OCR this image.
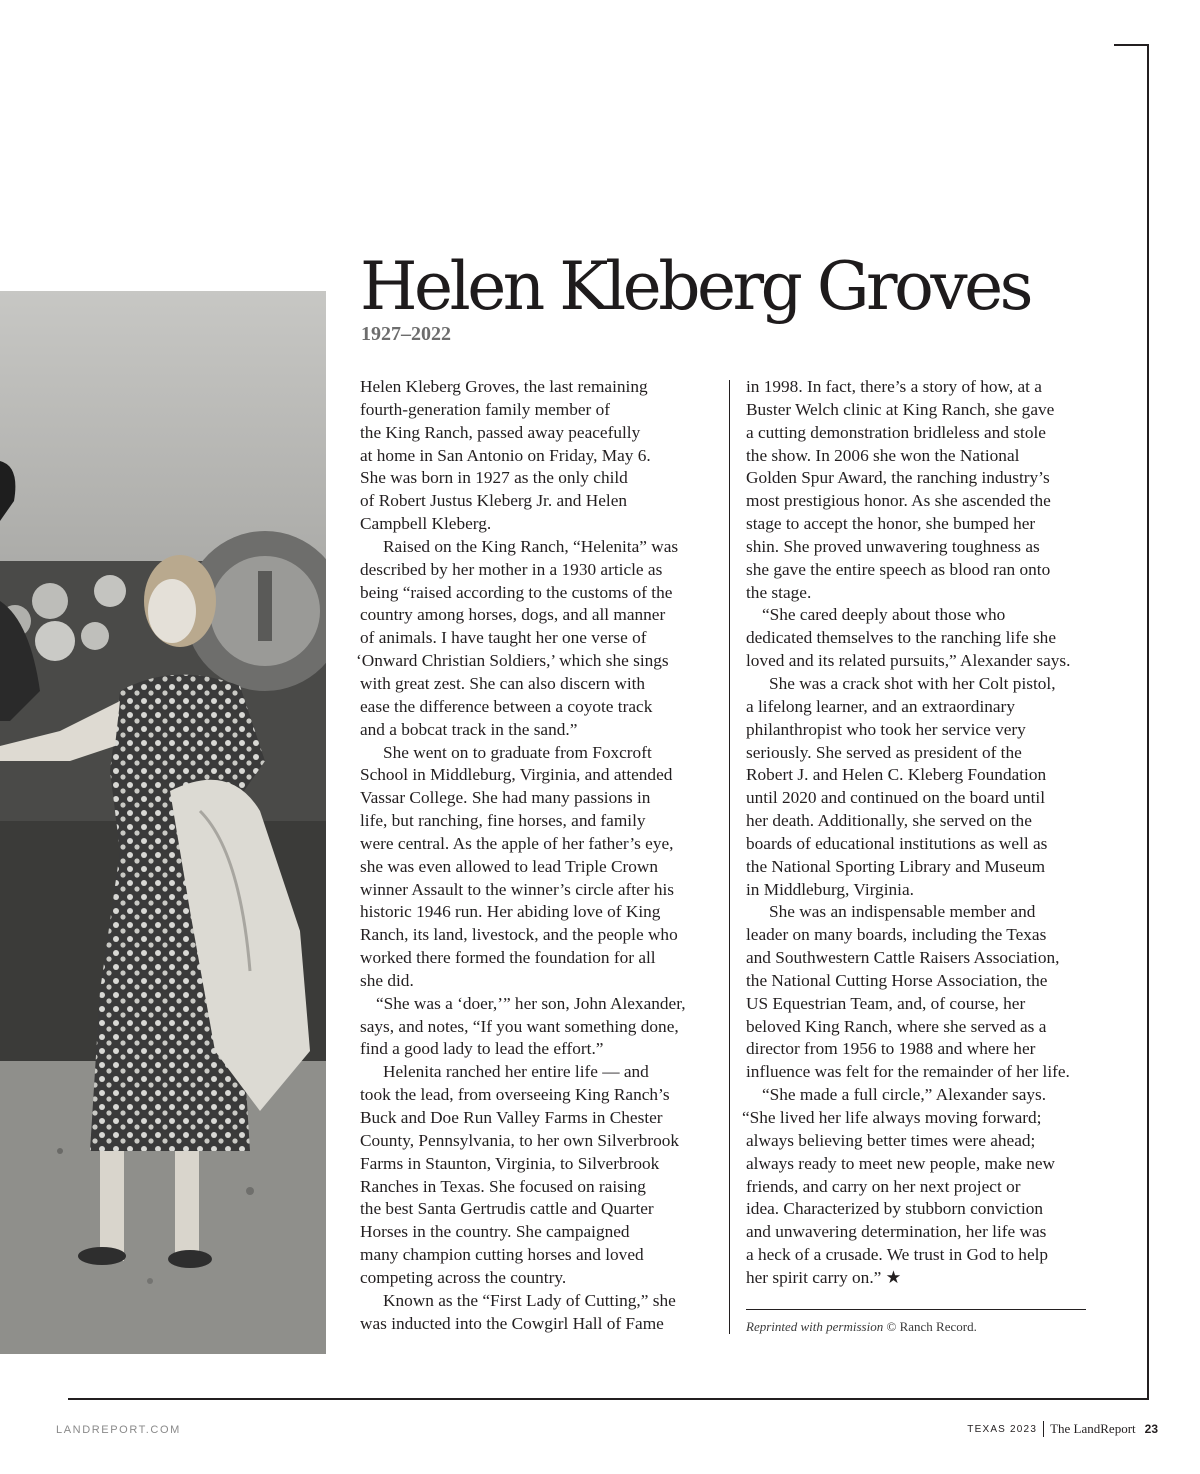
Helen Kleberg Groves
1927–2022

Helen Kleberg Groves, the last remaining

fourth-generation family member of

the King Ranch, passed away peacefully

at home in San Antonio on Friday, May 6.

She was born in 1927 as the only child

of Robert Justus Kleberg Jr. and Helen

Campbell Kleberg.

Raised on the King Ranch, “Helenita” was

described by her mother in a 1930 article as

being “raised according to the customs of the

country among horses, dogs, and all manner

of animals. I have taught her one verse of

‘Onward Christian Soldiers,’ which she sings

with great zest. She can also discern with

ease the difference between a coyote track

and a bobcat track in the sand.”

She went on to graduate from Foxcroft

School in Middleburg, Virginia, and attended

Vassar College. She had many passions in

life, but ranching, fine horses, and family

were central. As the apple of her father’s eye,

she was even allowed to lead Triple Crown

winner Assault to the winner’s circle after his

historic 1946 run. Her abiding love of King

Ranch, its land, livestock, and the people who

worked there formed the foundation for all

she did.

“She was a ‘doer,’” her son, John Alexander,

says, and notes, “If you want something done,

find a good lady to lead the effort.”

Helenita ranched her entire life — and

took the lead, from overseeing King Ranch’s

Buck and Doe Run Valley Farms in Chester

County, Pennsylvania, to her own Silverbrook

Farms in Staunton, Virginia, to Silverbrook

Ranches in Texas. She focused on raising

the best Santa Gertrudis cattle and Quarter

Horses in the country. She campaigned

many champion cutting horses and loved

competing across the country.

Known as the “First Lady of Cutting,” she

was inducted into the Cowgirl Hall of Fame

in 1998. In fact, there’s a story of how, at a

Buster Welch clinic at King Ranch, she gave

a cutting demonstration bridleless and stole

the show. In 2006 she won the National

Golden Spur Award, the ranching industry’s

most prestigious honor. As she ascended the

stage to accept the honor, she bumped her

shin. She proved unwavering toughness as

she gave the entire speech as blood ran onto

the stage.

“She cared deeply about those who

dedicated themselves to the ranching life she

loved and its related pursuits,” Alexander says.

She was a crack shot with her Colt pistol,

a lifelong learner, and an extraordinary

philanthropist who took her service very

seriously. She served as president of the

Robert J. and Helen C. Kleberg Foundation

until 2020 and continued on the board until

her death. Additionally, she served on the

boards of educational institutions as well as

the National Sporting Library and Museum

in Middleburg, Virginia.

She was an indispensable member and

leader on many boards, including the Texas

and Southwestern Cattle Raisers Association,

the National Cutting Horse Association, the

US Equestrian Team, and, of course, her

beloved King Ranch, where she served as a

director from 1956 to 1988 and where her

influence was felt for the remainder of her life.

“She made a full circle,” Alexander says.

“She lived her life always moving forward;

always believing better times were ahead;

always ready to meet new people, make new

friends, and carry on her next project or

idea. Characterized by stubborn conviction

and unwavering determination, her life was

a heck of a crusade. We trust in God to help

her spirit carry on.” ★

Reprinted with permission © Ranch Record.
LANDREPORT.COM	TEXAS 2023 The LandReport 23
